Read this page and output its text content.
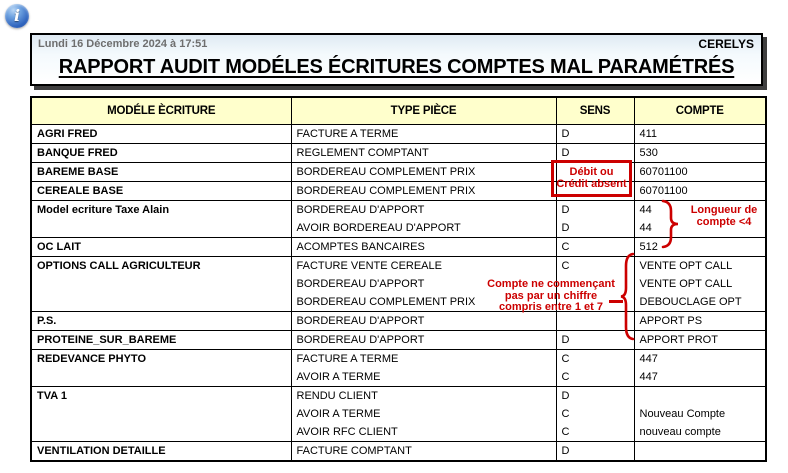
i
Lundi 16 Décembre 2024 à 17:51	CERELYS
RAPPORT AUDIT MODÉLES ÉCRITURES COMPTES MAL PARAMÉTRÉS
MODÉLE ÈCRITURE	TYPE PIÈCE	SENS	COMPTE
AGRI FRED	FACTURE A TERME	D	411
BANQUE FRED	REGLEMENT COMPTANT	D	530
BAREME BASE	BORDEREAU COMPLEMENT PRIX		60701100
CEREALE BASE	BORDEREAU COMPLEMENT PRIX		60701100
Model ecriture Taxe Alain	BORDEREAU D'APPORT	D	44
	AVOIR BORDEREAU D'APPORT	D	44
OC LAIT	ACOMPTES BANCAIRES	C	512
OPTIONS CALL AGRICULTEUR	FACTURE VENTE CEREALE	C	VENTE OPT CALL
	BORDEREAU D'APPORT		VENTE OPT CALL
	BORDEREAU COMPLEMENT PRIX		DEBOUCLAGE OPT
P.S.	BORDEREAU D'APPORT		APPORT PS
PROTEINE_SUR_BAREME	BORDEREAU D'APPORT	D	APPORT PROT
REDEVANCE PHYTO	FACTURE A TERME	C	447
	AVOIR A TERME	C	447
TVA 1	RENDU CLIENT	D	
	AVOIR A TERME	C	Nouveau Compte
	AVOIR RFC CLIENT	C	nouveau compte
VENTILATION DETAILLE	FACTURE COMPTANT	D	
Débit ou
Crédit absent
Longueur de
compte <4
Compte ne commençant
pas par un chiffre
compris entre 1 et 7
